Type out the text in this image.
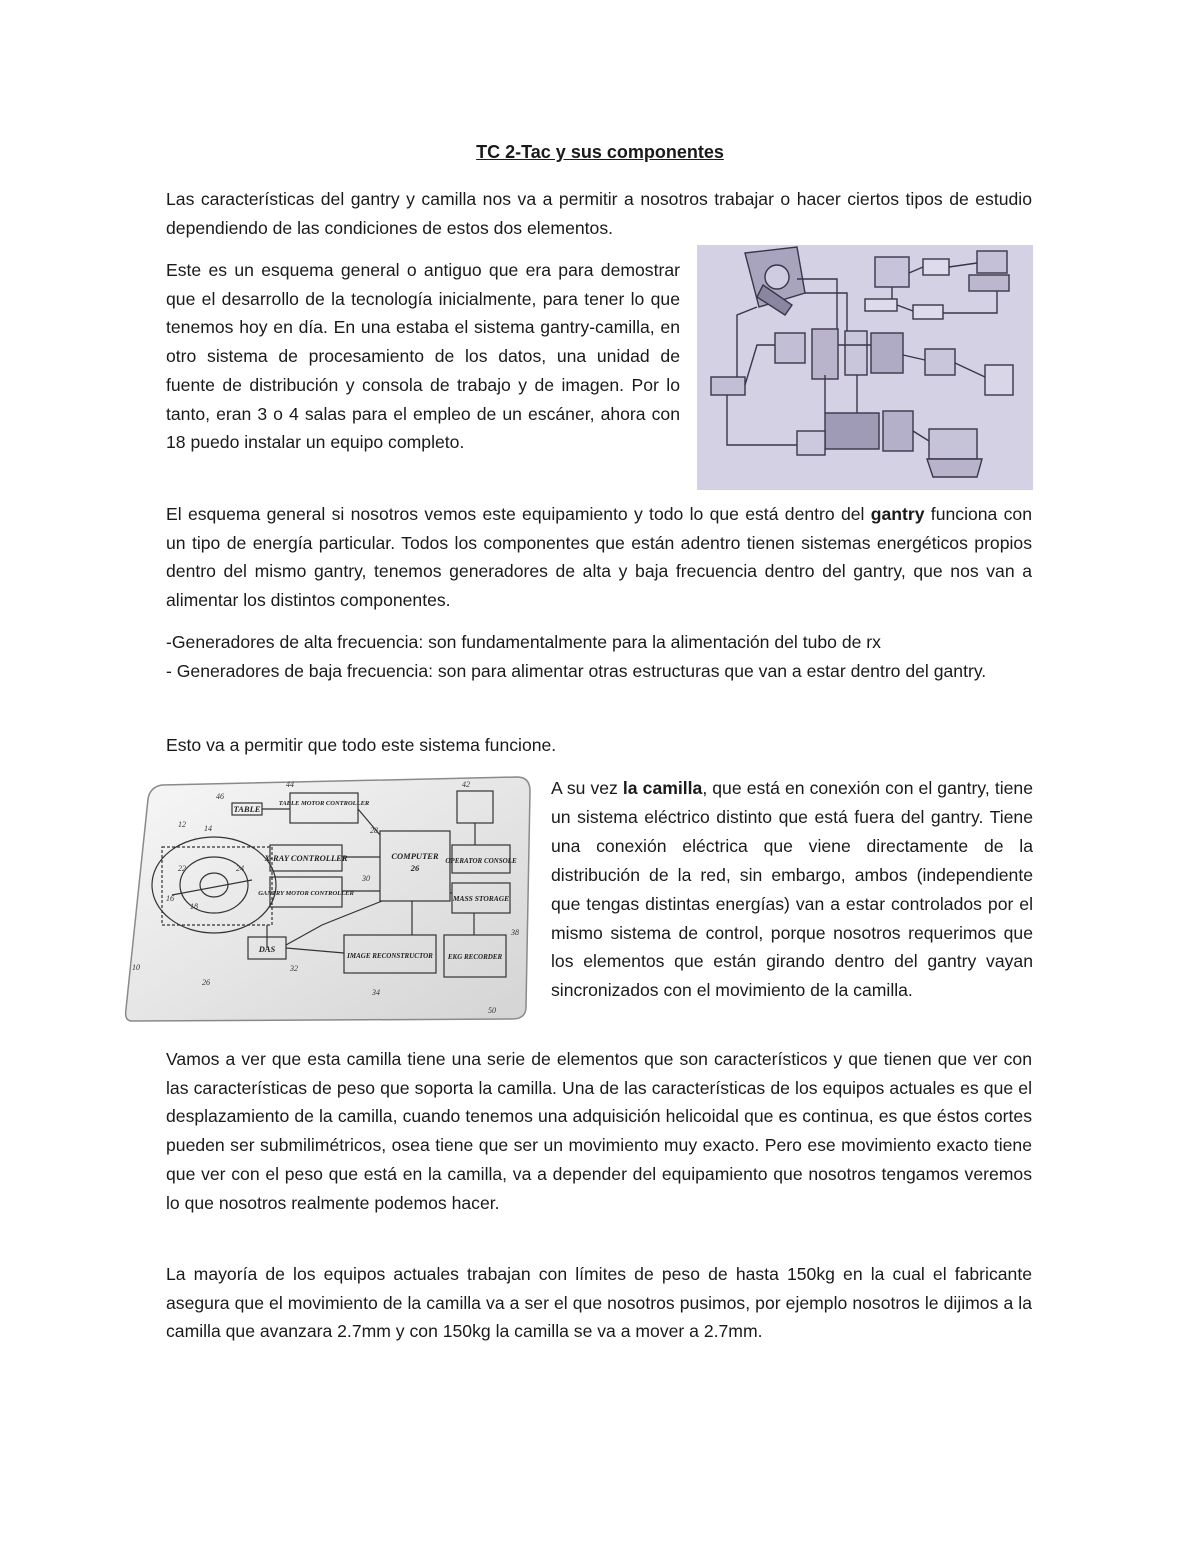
TC 2-Tac y sus componentes

Las características del gantry y camilla nos va a permitir a nosotros trabajar o hacer ciertos tipos de estudio dependiendo de las condiciones de estos dos elementos.

Este es un esquema general o antiguo que era para demostrar que el desarrollo de la tecnología inicialmente, para tener lo que tenemos hoy en día. En una estaba el sistema gantry-camilla, en otro sistema de procesamiento de los datos, una unidad de fuente de distribución y consola de trabajo y de imagen. Por lo tanto, eran 3 o 4 salas para el empleo de un escáner, ahora con 18 puedo instalar un equipo completo.

El esquema general si nosotros vemos este equipamiento y todo lo que está dentro del gantry funciona con un tipo de energía particular. Todos los componentes que están adentro tienen sistemas energéticos propios dentro del mismo gantry, tenemos generadores de alta y baja frecuencia dentro del gantry, que nos van a alimentar los distintos componentes.

-Generadores de alta frecuencia: son fundamentalmente para la alimentación del tubo de rx

- Generadores de baja frecuencia: son para alimentar otras estructuras que van a estar dentro del gantry.

Esto va a permitir que todo este sistema funcione.

TABLE
TABLE MOTOR CONTROLLER
X-RAY CONTROLLER
GANTRY MOTOR CONTROLLER
COMPUTER
26
OPERATOR CONSOLE
MASS STORAGE
DAS
IMAGE RECONSTRUCTOR EKG RECORDER
44
46
42
28
30
38
32
34
50
26
10
12 14
22	24
16
18

A su vez la camilla, que está en conexión con el gantry, tiene un sistema eléctrico distinto que está fuera del gantry. Tiene una conexión eléctrica que viene directamente de la distribución de la red, sin embargo, ambos (independiente que tengas distintas energías) van a estar controlados por el mismo sistema de control, porque nosotros requerimos que los elementos que están girando dentro del gantry vayan sincronizados con el movimiento de la camilla.

Vamos a ver que esta camilla tiene una serie de elementos que son característicos y que tienen que ver con las características de peso que soporta la camilla. Una de las características de los equipos actuales es que el desplazamiento de la camilla, cuando tenemos una adquisición helicoidal que es continua, es que éstos cortes pueden ser submilimétricos, osea tiene que ser un movimiento muy exacto. Pero ese movimiento exacto tiene que ver con el peso que está en la camilla, va a depender del equipamiento que nosotros tengamos veremos lo que nosotros realmente podemos hacer.

La mayoría de los equipos actuales trabajan con límites de peso de hasta 150kg en la cual el fabricante asegura que el movimiento de la camilla va a ser el que nosotros pusimos, por ejemplo nosotros le dijimos a la camilla que avanzara 2.7mm y con 150kg la camilla se va a mover a 2.7mm.
